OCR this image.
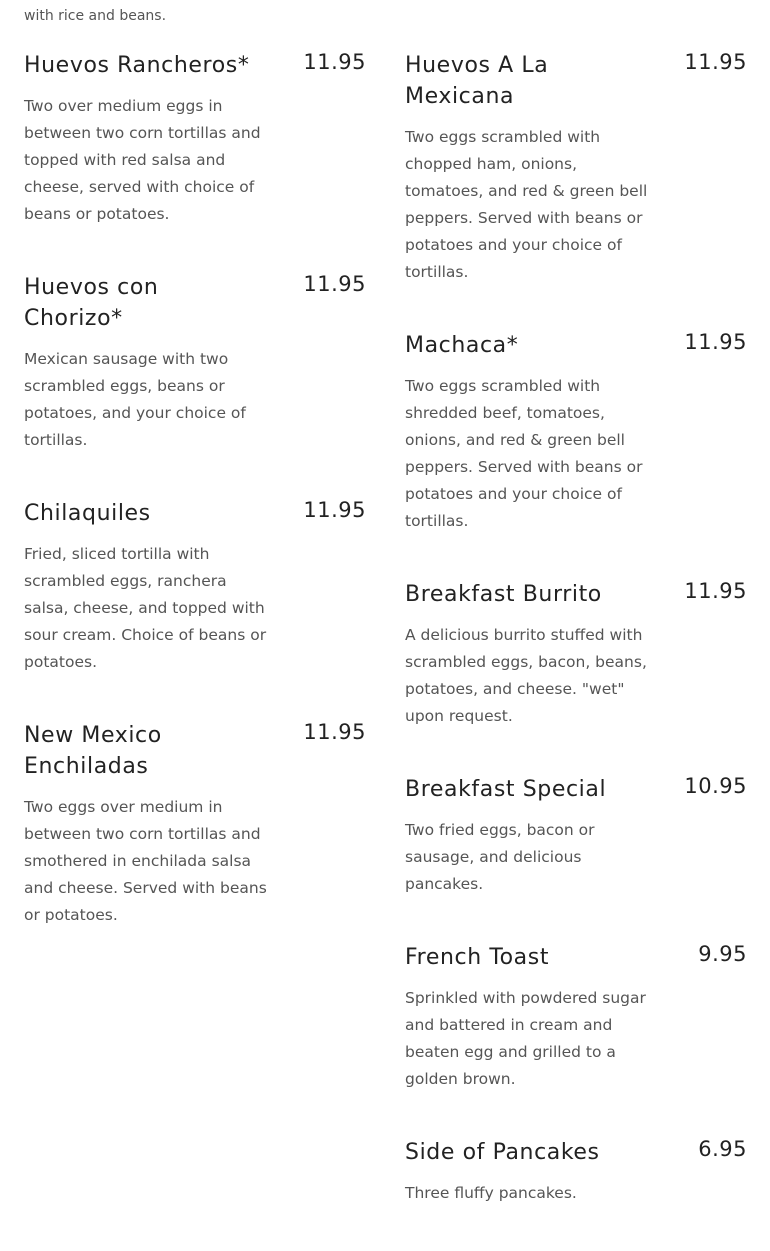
with rice and beans.
Huevos Rancheros*	11.95
Two over medium eggs in between two corn tortillas and topped with red salsa and cheese, served with choice of beans or potatoes.
Huevos con Chorizo*
11.95
Mexican sausage with two scrambled eggs, beans or potatoes, and your choice of tortillas.
Chilaquiles	11.95
Fried, sliced tortilla with scrambled eggs, ranchera salsa, cheese, and topped with sour cream. Choice of beans or potatoes.
New Mexico Enchiladas
11.95
Two eggs over medium in between two corn tortillas and smothered in enchilada salsa and cheese. Served with beans or potatoes.
Huevos A La Mexicana
11.95
Two eggs scrambled with chopped ham, onions, tomatoes, and red & green bell peppers. Served with beans or potatoes and your choice of tortillas.
Machaca*	11.95
Two eggs scrambled with shredded beef, tomatoes, onions, and red & green bell peppers. Served with beans or potatoes and your choice of tortillas.
Breakfast Burrito	11.95
A delicious burrito stuffed with scrambled eggs, bacon, beans, potatoes, and cheese. "wet" upon request.
Breakfast Special	10.95
Two fried eggs, bacon or sausage, and delicious pancakes.
French Toast	9.95
Sprinkled with powdered sugar and battered in cream and beaten egg and grilled to a golden brown.
Side of Pancakes	6.95
Three fluffy pancakes.
